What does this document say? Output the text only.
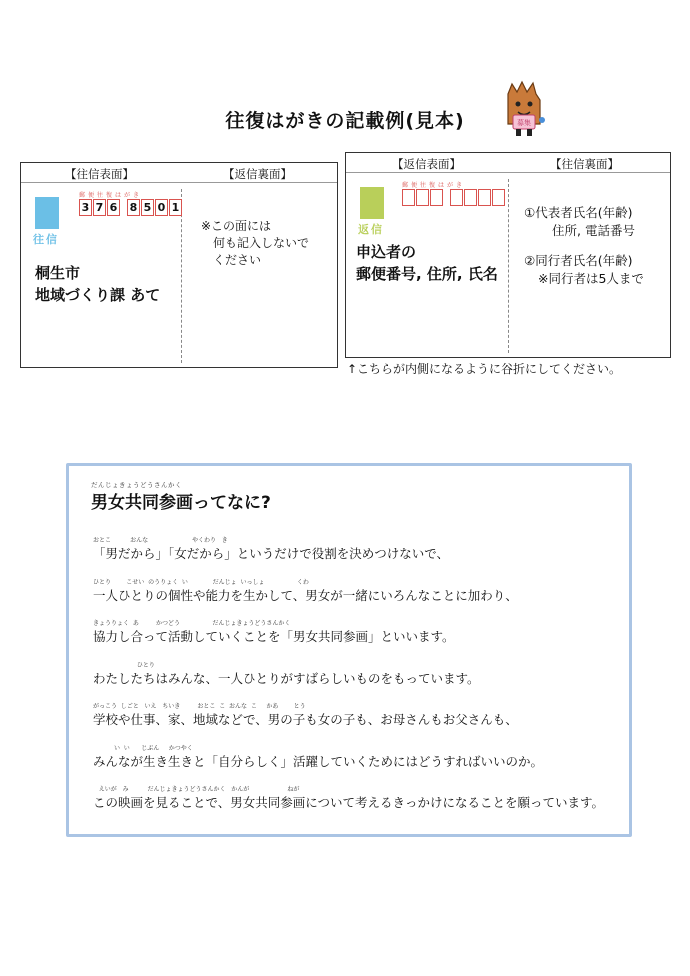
往復はがきの記載例(見本)	募集
【往信表面】	【返信裏面】
往信
郵便往復はがき
3 7 6 8 5 0 1
桐生市
地域づくり課 あて
※この面には
何も記入しないで
ください
【返信表面】	【往信裏面】
返信
郵便往復はがき
申込者の
郵便番号, 住所, 氏名
①代表者氏名(年齢)
住所, 電話番号
②同行者氏名(年齢)
※同行者は5人まで
↑こちらが内側になるように谷折にしてください。
だんじょきょうどうさんかく
男女共同参画ってなに?
おとこ          おんな                       やくわり   き
「男だから」「女だから」というだけで役割を決めつけないで、
ひとり        こせい  のうりょく  い             だんじょ  いっしょ                 くわ
一人ひとりの個性や能力を生かして、男女が一緒にいろんなことに加わり、
きょうりょく  あ         かつどう                 だんじょきょうどうさんかく
協力し合って活動していくことを「男女共同参画」といいます。
ひとり
わたしたちはみんな、一人ひとりがすばらしいものをもっています。
がっこう  しごと   いえ   ちいき         おとこ  こ  おんな  こ     かあ        とう
学校や仕事、家、地域などで、男の子も女の子も、お母さんもお父さんも、
い  い      じぶん     かつやく
みんなが生き生きと「自分らしく」活躍していくためにはどうすればいいのか。
えいが   み          だんじょきょうどうさんかく   かんが                    ねが
この映画を見ることで、男女共同参画について考えるきっかけになることを願っています。
